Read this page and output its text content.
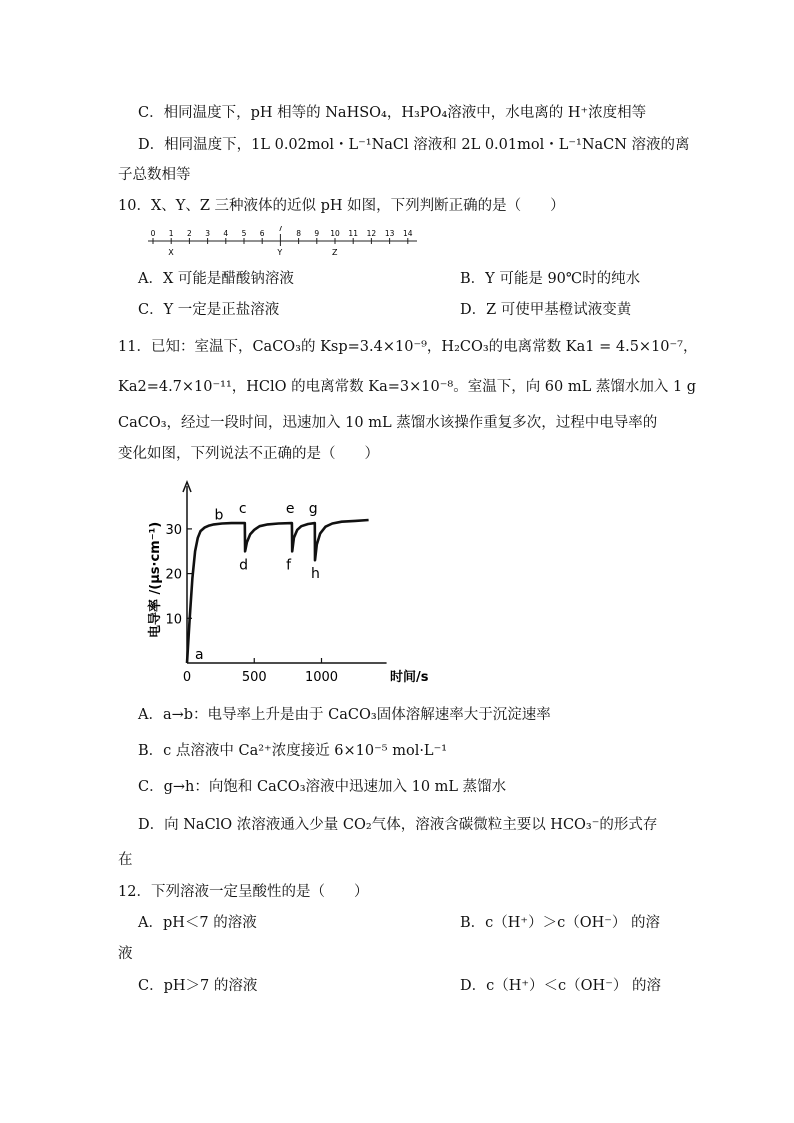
C．相同温度下，pH 相等的 NaHSO₄，H₃PO₄溶液中，水电离的 H⁺浓度相等
D．相同温度下，1L 0.02mol・L⁻¹NaCl 溶液和 2L 0.01mol・L⁻¹NaCN 溶液的离
子总数相等
10．X、Y、Z 三种液体的近似 pH 如图，下列判断正确的是（　　）
0 1 2 3 4 5 6
7
8 9 10 11 12 13 14
X	Y	Z
A．X 可能是醋酸钠溶液	B．Y 可能是 90℃时的纯水
C．Y 一定是正盐溶液	D．Z 可使甲基橙试液变黄
11．已知：室温下，CaCO₃的 Ksp=3.4×10⁻⁹，H₂CO₃的电离常数 Ka1 = 4.5×10⁻⁷，
Ka2=4.7×10⁻¹¹，HClO 的电离常数 Ka=3×10⁻⁸。室温下，向 60 mL 蒸馏水加入 1 g
CaCO₃，经过一段时间，迅速加入 10 mL 蒸馏水该操作重复多次，过程中电导率的
变化如图，下列说法不正确的是（　　）
0	500	1000
10
20
30
a
b c
d
e
f
g
h
时间/s
电导率 /(μs·cm⁻¹)
A．a→b：电导率上升是由于 CaCO₃固体溶解速率大于沉淀速率
B．c 点溶液中 Ca²⁺浓度接近 6×10⁻⁵ mol·L⁻¹
C．g→h：向饱和 CaCO₃溶液中迅速加入 10 mL 蒸馏水
D．向 NaClO 浓溶液通入少量 CO₂气体，溶液含碳微粒主要以 HCO₃⁻的形式存
在
12．下列溶液一定呈酸性的是（　　）
A．pH＜7 的溶液	B．c（H⁺）＞c（OH⁻） 的溶
液
C．pH＞7 的溶液	D．c（H⁺）＜c（OH⁻） 的溶
